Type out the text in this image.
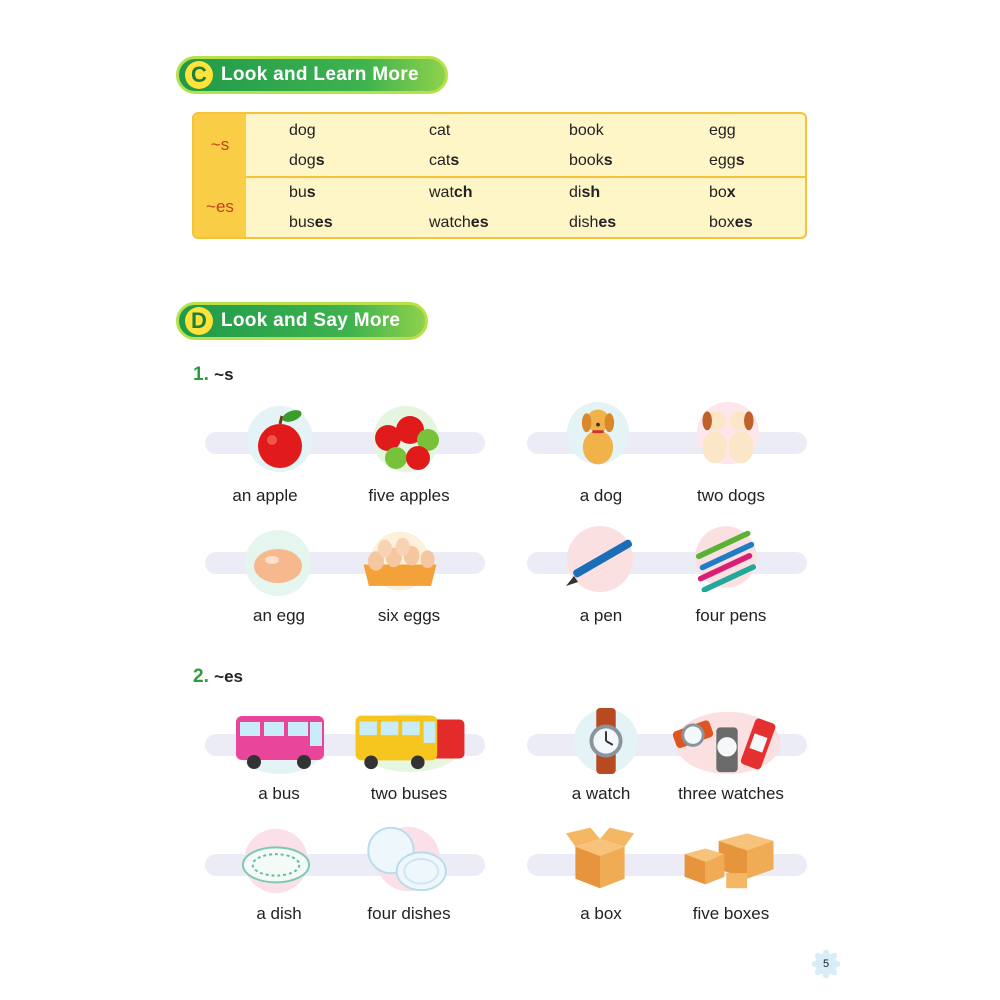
C Look and Learn More
~s
dog	cat	book	egg
dogs	cats	books	eggs
~es
bus	watch	dish	box
buses	watches	dishes	boxes
D Look and Say More
1. ~s
an apple	five apples	a dog	two dogs
an egg	six eggs	a pen	four pens
2. ~es
a bus	two buses	a watch	three watches
a dish	four dishes	a box	five boxes
5
